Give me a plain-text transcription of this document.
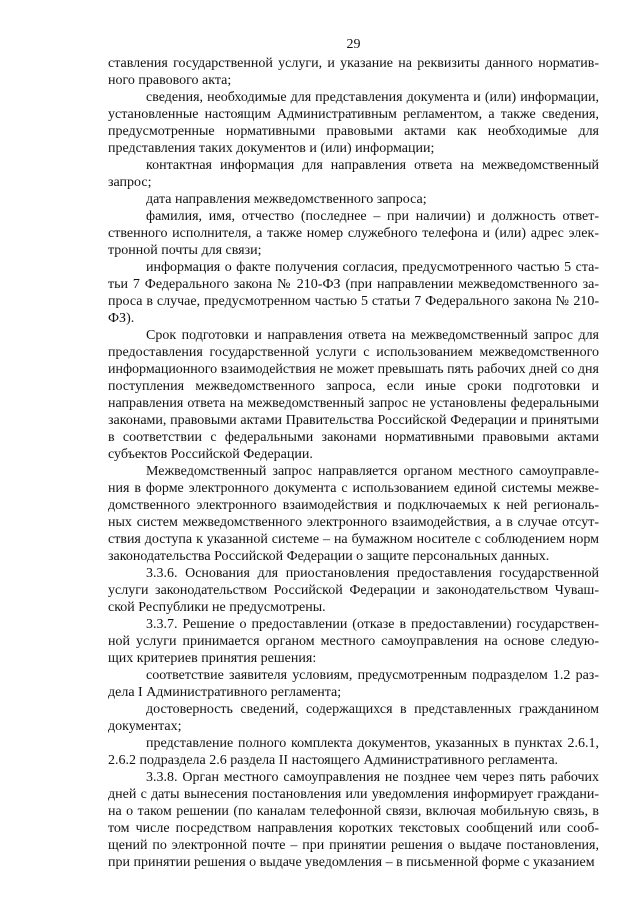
29

ставления государственной услуги, и указание на реквизиты данного нормативного правового акта;

сведения, необходимые для представления документа и (или) информации, установленные настоящим Административным регламентом, а также сведения, предусмотренные нормативными правовыми актами как необходимые для представления таких документов и (или) информации;

контактная информация для направления ответа на межведомственный запрос;

дата направления межведомственного запроса;

фамилия, имя, отчество (последнее – при наличии) и должность ответственного исполнителя, а также номер служебного телефона и (или) адрес электронной почты для связи;

информация о факте получения согласия, предусмотренного частью 5 статьи 7 Федерального закона № 210-ФЗ (при направлении межведомственного запроса в случае, предусмотренном частью 5 статьи 7 Федерального закона № 210-ФЗ).

Срок подготовки и направления ответа на межведомственный запрос для предоставления государственной услуги с использованием межведомственного информационного взаимодействия не может превышать пять рабочих дней со дня поступления межведомственного запроса, если иные сроки подготовки и направления ответа на межведомственный запрос не установлены федеральными законами, правовыми актами Правительства Российской Федерации и принятыми в соответствии с федеральными законами нормативными правовыми актами субъектов Российской Федерации.

Межведомственный запрос направляется органом местного самоуправления в форме электронного документа с использованием единой системы межведомственного электронного взаимодействия и подключаемых к ней региональных систем межведомственного электронного взаимодействия, а в случае отсутствия доступа к указанной системе – на бумажном носителе с соблюдением норм законодательства Российской Федерации о защите персональных данных.

3.3.6. Основания для приостановления предоставления государственной услуги законодательством Российской Федерации и законодательством Чувашской Республики не предусмотрены.

3.3.7. Решение о предоставлении (отказе в предоставлении) государственной услуги принимается органом местного самоуправления на основе следующих критериев принятия решения:

соответствие заявителя условиям, предусмотренным подразделом 1.2 раздела I Административного регламента;

достоверность сведений, содержащихся в представленных гражданином документах;

представление полного комплекта документов, указанных в пунктах 2.6.1, 2.6.2 подраздела 2.6 раздела II настоящего Административного регламента.

3.3.8. Орган местного самоуправления не позднее чем через пять рабочих дней с даты вынесения постановления или уведомления информирует гражданина о таком решении (по каналам телефонной связи, включая мобильную связь, в том числе посредством направления коротких текстовых сообщений или сообщений по электронной почте – при принятии решения о выдаче постановления, при принятии решения о выдаче уведомления – в письменной форме с указанием
